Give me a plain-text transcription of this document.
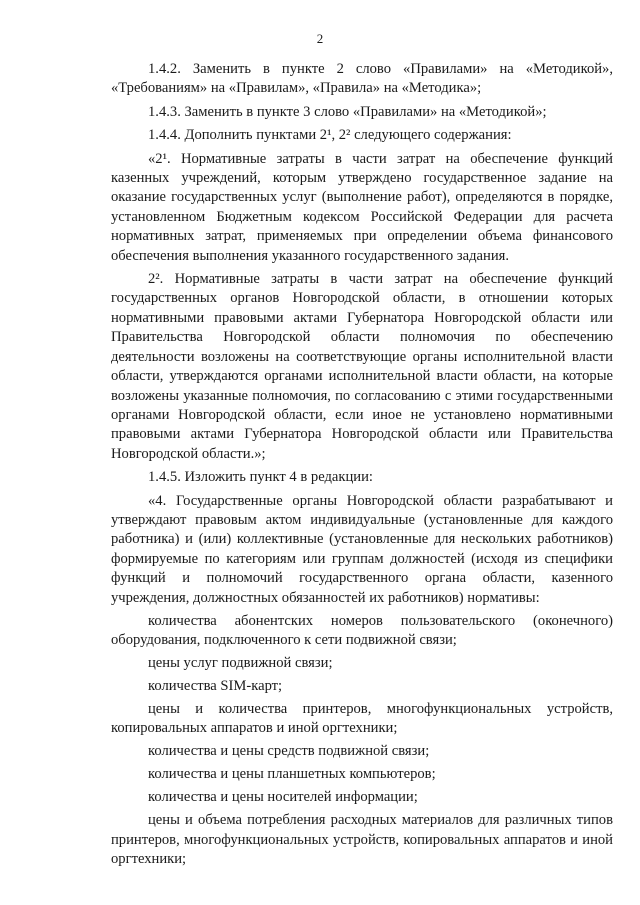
2

1.4.2. Заменить в пункте 2 слово «Правилами» на «Методикой», «Требованиям» на «Правилам», «Правила» на «Методика»;

1.4.3. Заменить в пункте 3 слово «Правилами» на «Методикой»;

1.4.4. Дополнить пунктами 2¹, 2² следующего содержания:

«2¹. Нормативные затраты в части затрат на обеспечение функций казенных учреждений, которым утверждено государственное задание на оказание государственных услуг (выполнение работ), определяются в порядке, установленном Бюджетным кодексом Российской Федерации для расчета нормативных затрат, применяемых при определении объема финансового обеспечения выполнения указанного государственного задания.

2². Нормативные затраты в части затрат на обеспечение функций государственных органов Новгородской области, в отношении которых нормативными правовыми актами Губернатора Новгородской области или Правительства Новгородской области полномочия по обеспечению деятельности возложены на соответствующие органы исполнительной власти области, утверждаются органами исполнительной власти области, на которые возложены указанные полномочия, по согласованию с этими государственными органами Новгородской области, если иное не установлено нормативными правовыми актами Губернатора Новгородской области или Правительства Новгородской области.»;

1.4.5. Изложить пункт 4 в редакции:

«4. Государственные органы Новгородской области разрабатывают и утверждают правовым актом индивидуальные (установленные для каждого работника) и (или) коллективные (установленные для нескольких работников) формируемые по категориям или группам должностей (исходя из специфики функций и полномочий государственного органа области, казенного учреждения, должностных обязанностей их работников) нормативы:

количества абонентских номеров пользовательского (оконечного) оборудования, подключенного к сети подвижной связи;

цены услуг подвижной связи;

количества SIM-карт;

цены и количества принтеров, многофункциональных устройств, копировальных аппаратов и иной оргтехники;

количества и цены средств подвижной связи;

количества и цены планшетных компьютеров;

количества и цены носителей информации;

цены и объема потребления расходных материалов для различных типов принтеров, многофункциональных устройств, копировальных аппаратов и иной оргтехники;
